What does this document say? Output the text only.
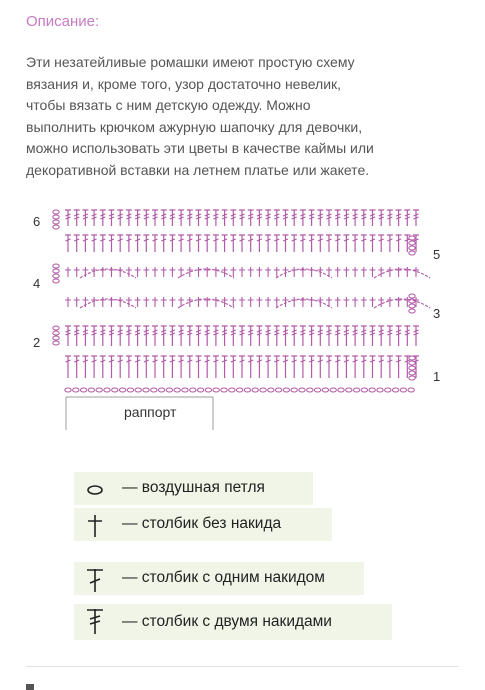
Описание:
Эти незатейливые ромашки имеют простую схему
вязания и, кроме того, узор достаточно невелик,
чтобы вязать с ним детскую одежду. Можно
выполнить крючком ажурную шапочку для девочки,
можно использовать эти цветы в качестве каймы или
декоративной вставки на летнем платье или жакете.
6
4
2
5
3
1
раппорт
— воздушная петля
— столбик без накида
— столбик с одним накидом
— столбик с двумя накидами
